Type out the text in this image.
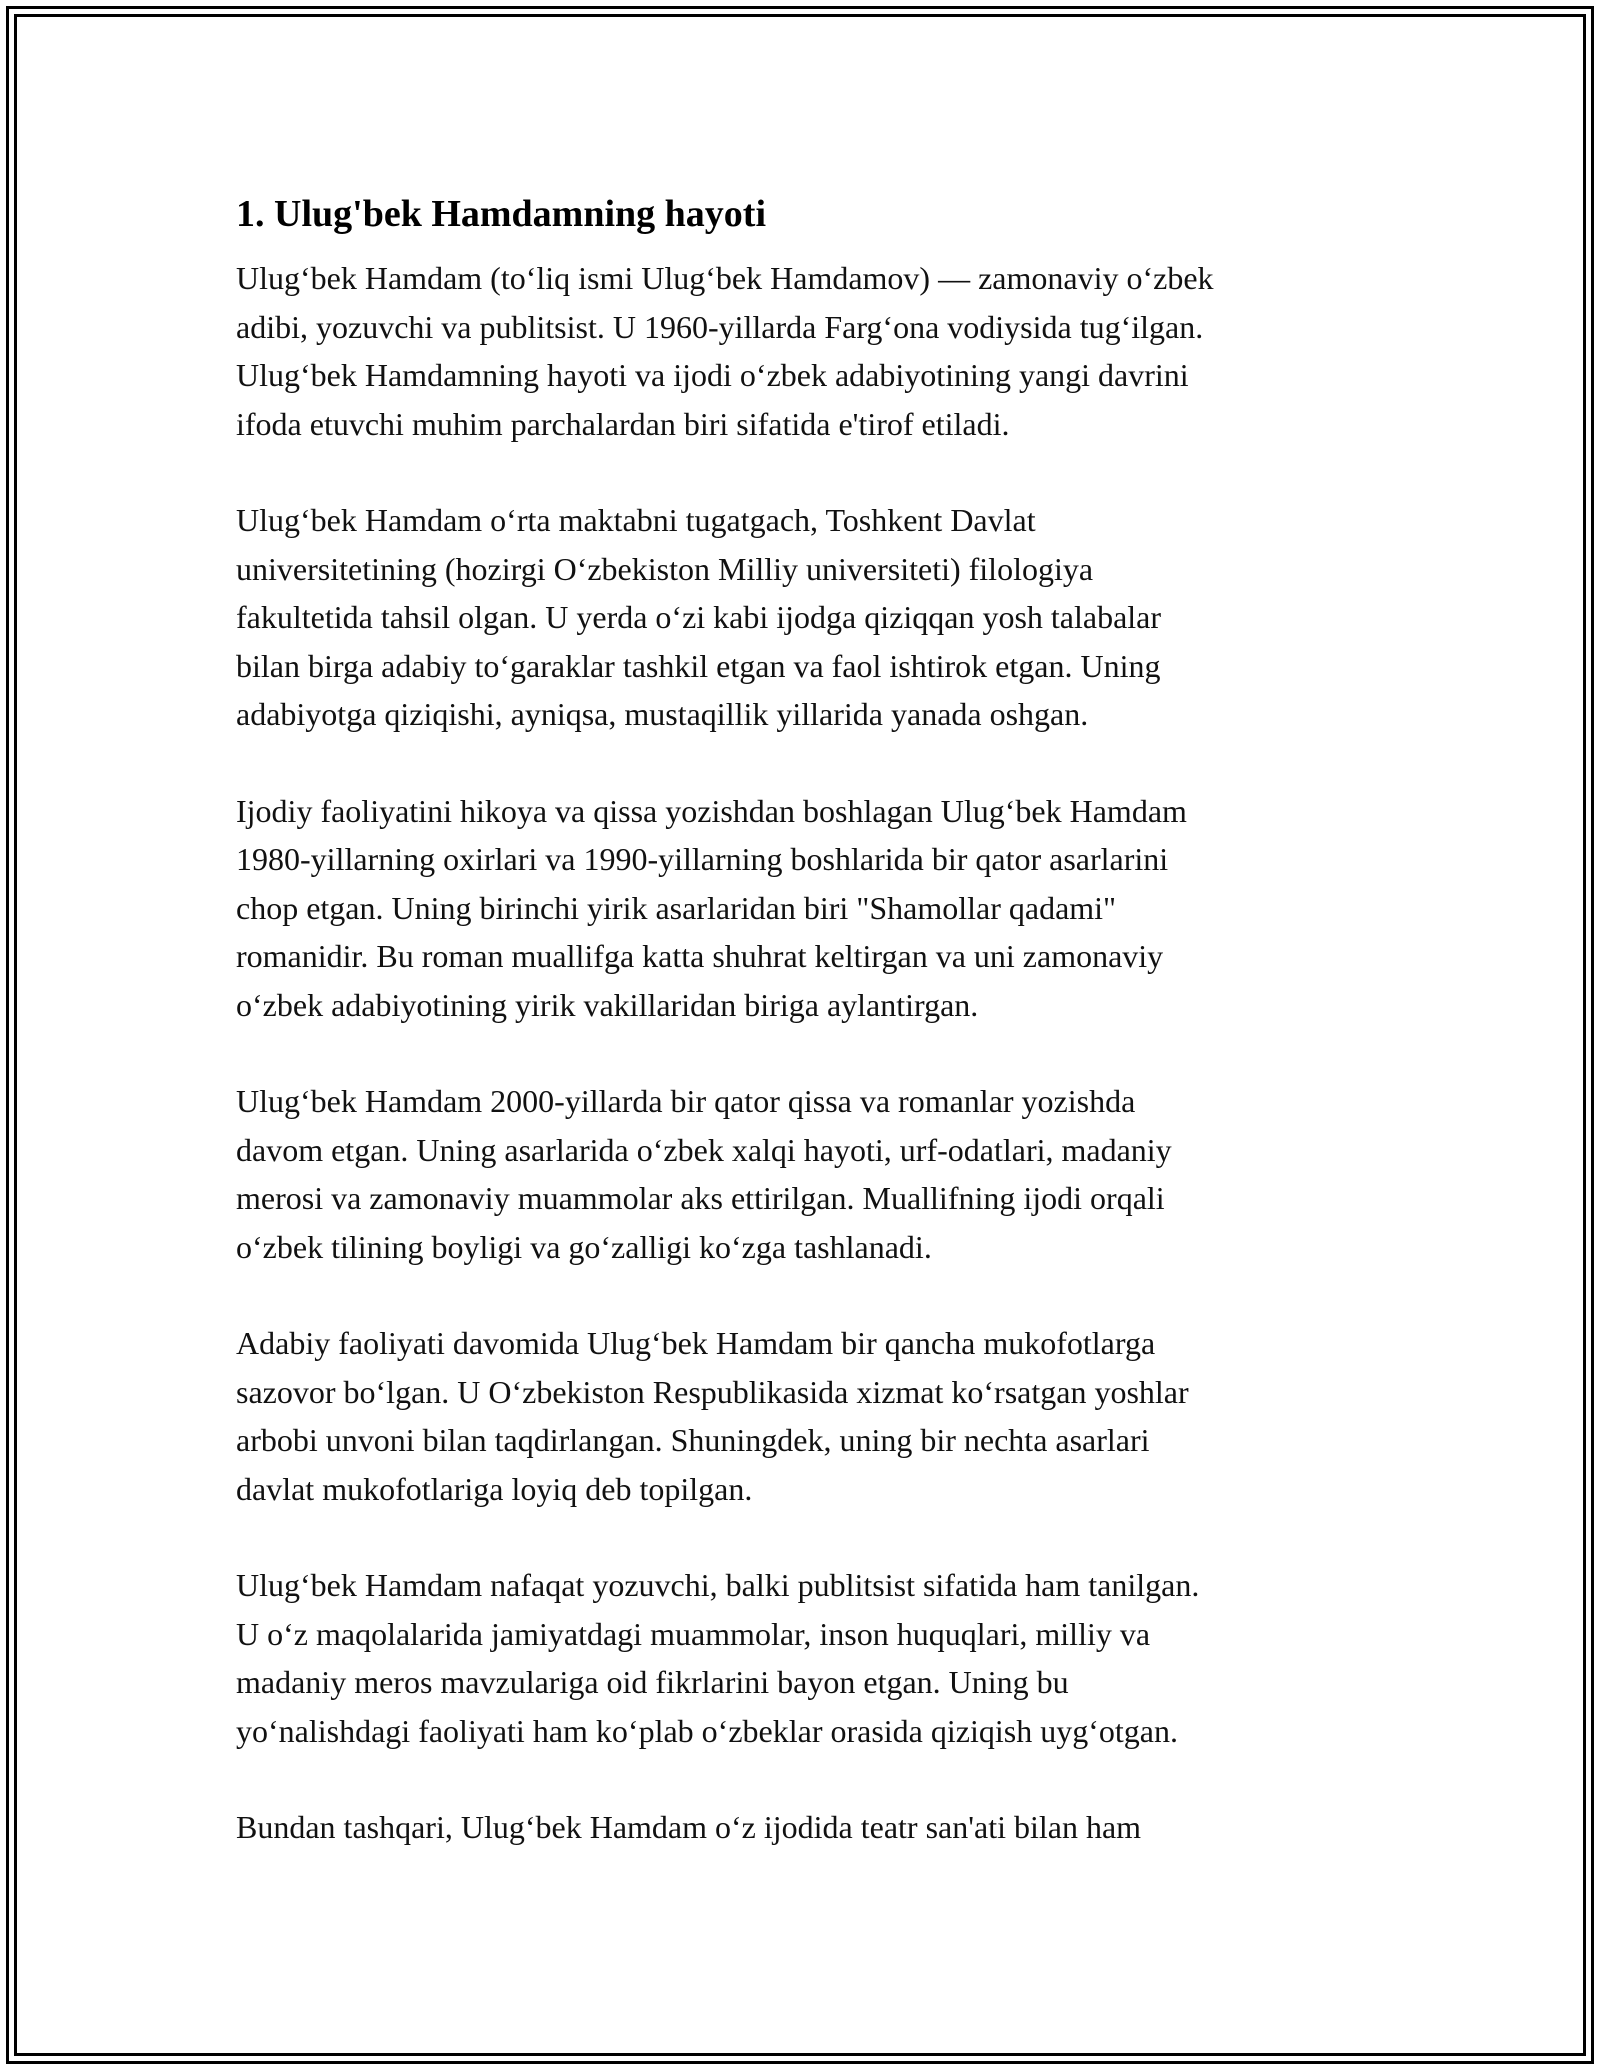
1. Ulug'bek Hamdamning hayoti
Ulug‘bek Hamdam (to‘liq ismi Ulug‘bek Hamdamov) — zamonaviy o‘zbek
adibi, yozuvchi va publitsist. U 1960-yillarda Farg‘ona vodiysida tug‘ilgan.
Ulug‘bek Hamdamning hayoti va ijodi o‘zbek adabiyotining yangi davrini
ifoda etuvchi muhim parchalardan biri sifatida e'tirof etiladi.
Ulug‘bek Hamdam o‘rta maktabni tugatgach, Toshkent Davlat
universitetining (hozirgi O‘zbekiston Milliy universiteti) filologiya
fakultetida tahsil olgan. U yerda o‘zi kabi ijodga qiziqqan yosh talabalar
bilan birga adabiy to‘garaklar tashkil etgan va faol ishtirok etgan. Uning
adabiyotga qiziqishi, ayniqsa, mustaqillik yillarida yanada oshgan.
Ijodiy faoliyatini hikoya va qissa yozishdan boshlagan Ulug‘bek Hamdam
1980-yillarning oxirlari va 1990-yillarning boshlarida bir qator asarlarini
chop etgan. Uning birinchi yirik asarlaridan biri "Shamollar qadami"
romanidir. Bu roman muallifga katta shuhrat keltirgan va uni zamonaviy
o‘zbek adabiyotining yirik vakillaridan biriga aylantirgan.
Ulug‘bek Hamdam 2000-yillarda bir qator qissa va romanlar yozishda
davom etgan. Uning asarlarida o‘zbek xalqi hayoti, urf-odatlari, madaniy
merosi va zamonaviy muammolar aks ettirilgan. Muallifning ijodi orqali
o‘zbek tilining boyligi va go‘zalligi ko‘zga tashlanadi.
Adabiy faoliyati davomida Ulug‘bek Hamdam bir qancha mukofotlarga
sazovor bo‘lgan. U O‘zbekiston Respublikasida xizmat ko‘rsatgan yoshlar
arbobi unvoni bilan taqdirlangan. Shuningdek, uning bir nechta asarlari
davlat mukofotlariga loyiq deb topilgan.
Ulug‘bek Hamdam nafaqat yozuvchi, balki publitsist sifatida ham tanilgan.
U o‘z maqolalarida jamiyatdagi muammolar, inson huquqlari, milliy va
madaniy meros mavzulariga oid fikrlarini bayon etgan. Uning bu
yo‘nalishdagi faoliyati ham ko‘plab o‘zbeklar orasida qiziqish uyg‘otgan.
Bundan tashqari, Ulug‘bek Hamdam o‘z ijodida teatr san'ati bilan ham
